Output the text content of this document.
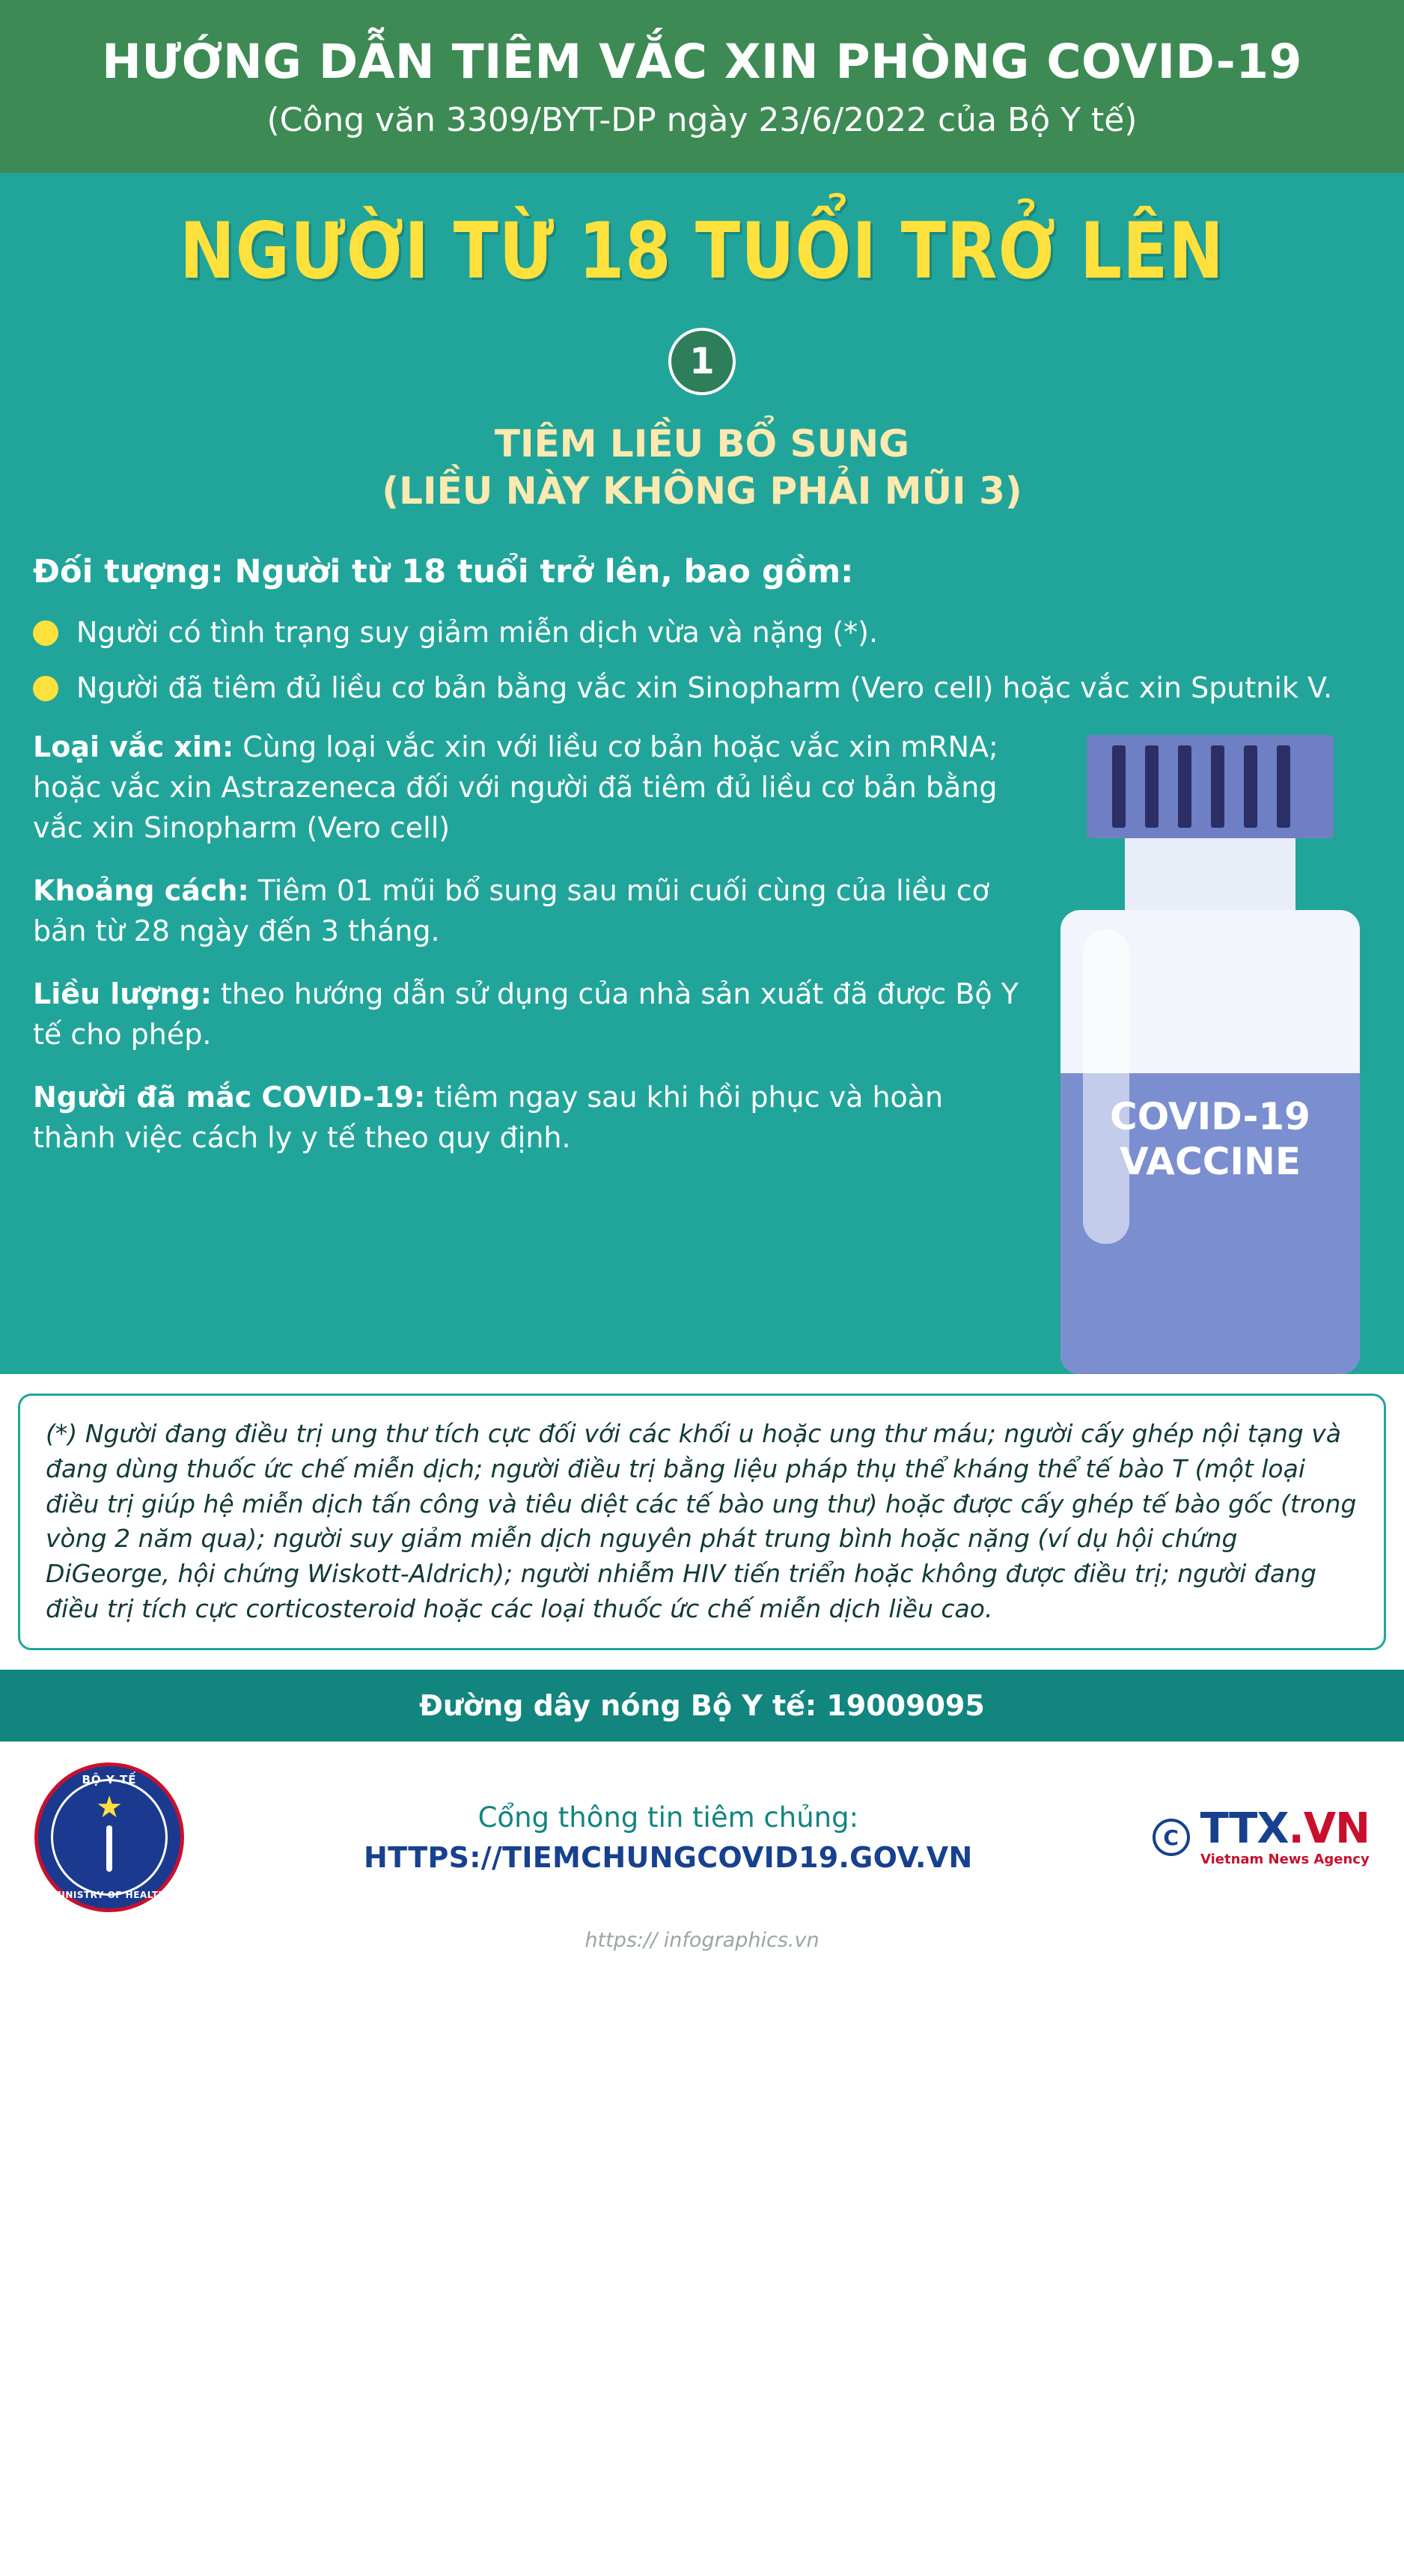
HƯỚNG DẪN TIÊM VẮC XIN PHÒNG COVID-19
(Công văn 3309/BYT-DP ngày 23/6/2022 của Bộ Y tế)
NGƯỜI TỪ 18 TUỔI TRỞ LÊN
1
TIÊM LIỀU BỔ SUNG
(LIỀU NÀY KHÔNG PHẢI MŨI 3)
Đối tượng: Người từ 18 tuổi trở lên, bao gồm:
Người có tình trạng suy giảm miễn dịch vừa và nặng (*).
Người đã tiêm đủ liều cơ bản bằng vắc xin Sinopharm (Vero cell) hoặc vắc xin Sputnik V.
Loại vắc xin: Cùng loại vắc xin với liều cơ bản hoặc vắc xin mRNA; hoặc vắc xin Astrazeneca đối với người đã tiêm đủ liều cơ bản bằng vắc xin Sinopharm (Vero cell)
Khoảng cách: Tiêm 01 mũi bổ sung sau mũi cuối cùng của liều cơ bản từ 28 ngày đến 3 tháng.
Liều lượng: theo hướng dẫn sử dụng của nhà sản xuất đã được Bộ Y tế cho phép.
Người đã mắc COVID-19: tiêm ngay sau khi hồi phục và hoàn thành việc cách ly y tế theo quy định.	COVID-19
VACCINE
(*) Người đang điều trị ung thư tích cực đối với các khối u hoặc ung thư máu; người cấy ghép nội tạng và đang dùng thuốc ức chế miễn dịch; người điều trị bằng liệu pháp thụ thể kháng thể tế bào T (một loại điều trị giúp hệ miễn dịch tấn công và tiêu diệt các tế bào ung thư) hoặc được cấy ghép tế bào gốc (trong vòng 2 năm qua); người suy giảm miễn dịch nguyên phát trung bình hoặc nặng (ví dụ hội chứng DiGeorge, hội chứng Wiskott-Aldrich); người nhiễm HIV tiến triển hoặc không được điều trị; người đang điều trị tích cực corticosteroid hoặc các loại thuốc ức chế miễn dịch liều cao.
Đường dây nóng Bộ Y tế: 19009095
BỘ Y TẾ
★
MINISTRY OF HEALTH
Cổng thông tin tiêm chủng:
HTTPS://TIEMCHUNGCOVID19.GOV.VN
C TTX.VN
Vietnam News Agency
https:// infographics.vn
